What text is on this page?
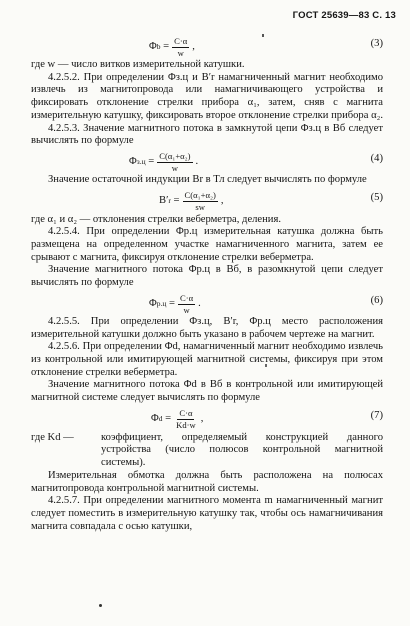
ГОСТ 25639—83 С. 13
Φ $b = \frac{C\cdot\alpha}{w}$ ,	(3)

где w — число витков измерительной катушки.

4.2.5.2. При определении Φз.ц и B′r намагниченный магнит необходимо извлечь из магнитопровода или намагничивающего устройства и фиксировать отклонение стрелки прибора α₁, затем, сняв с магнита измерительную катушку, фиксировать второе отклонение стрелки прибора α₂.

4.2.5.3. Значение магнитного потока в замкнутой цепи Φз.ц в Вб следует вычислять по формуле

Φ $з.ц = \frac{\text{C(α₁+α₂)}}{w}$ .	(4)

Значение остаточной индукции Br в Тл следует вычислять по формуле

B′ $r = \frac{\text{C(α₁+α₂)}}{sw}$ ,	(5)

где α₁ и α₂ — отклонения стрелки веберметра, деления.

4.2.5.4. При определении Φр.ц измерительная катушка должна быть размещена на определенном участке намагниченного магнита, затем ее срывают с магнита, фиксируя отклонение стрелки веберметра.

Значение магнитного потока Φр.ц в Вб, в разомкнутой цепи следует вычислять по формуле

Φ $р.ц = \frac{C\cdot\alpha}{w}$ .	(6)

4.2.5.5. При определении Φз.ц, B′r, Φр.ц место расположения измерительной катушки должно быть указано в рабочем чертеже на магнит.

4.2.5.6. При определении Φd, намагниченный магнит необходимо извлечь из контрольной или имитирующей магнитной системы, фиксируя при этом отклонение стрелки веберметра.

Значение магнитного потока Φd в Вб в контрольной или имитирующей магнитной системе следует вычислять по формуле

Φ $d = \frac{C\cdot\alpha}{Kd\cdot w}$ ,	(7)
где Kd —	коэффициент, определяемый конструкцией данного устройства (число полюсов контрольной магнитной системы).

Измерительная обмотка должна быть расположена на полюсах магнитопровода контрольной магнитной системы.

4.2.5.7. При определении магнитного момента m намагниченный магнит следует поместить в измерительную катушку так, чтобы ось намагничивания магнита совпадала с осью катушки,
